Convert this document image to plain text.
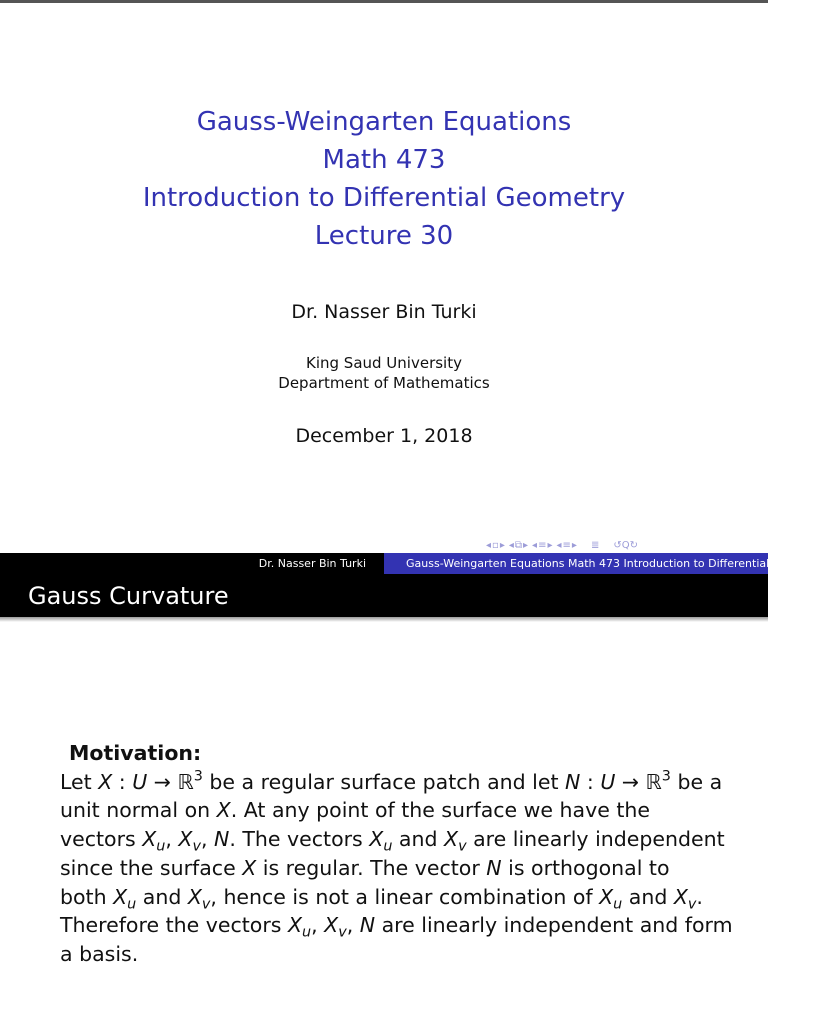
Gauss-Weingarten Equations
Math 473
Introduction to Differential Geometry
Lecture 30
Dr. Nasser Bin Turki
King Saud University
Department of Mathematics
December 1, 2018
◂ ▫ ▸ ◂ ⧉ ▸ ◂ ≡ ▸ ◂ ≡ ▸ ≣ ↺Q↻
Dr. Nasser Bin Turki	Gauss-Weingarten Equations Math 473 Introduction to Differential Geometry
Gauss Curvature
Motivation:
Let X : U → ℝ$^3$ be a regular surface patch and let N : U → ℝ$^3$ be a
unit normal on X. At any point of the surface we have the
vectors $X_u$, $X_v$, N. The vectors $X_u$ and $X_v$ are linearly independent
since the surface X is regular. The vector N is orthogonal to
both $X_u$ and $X_v$, hence is not a linear combination of $X_u$ and $X_v$.
Therefore the vectors $X_u$, $X_v$, N are linearly independent and form
a basis.
